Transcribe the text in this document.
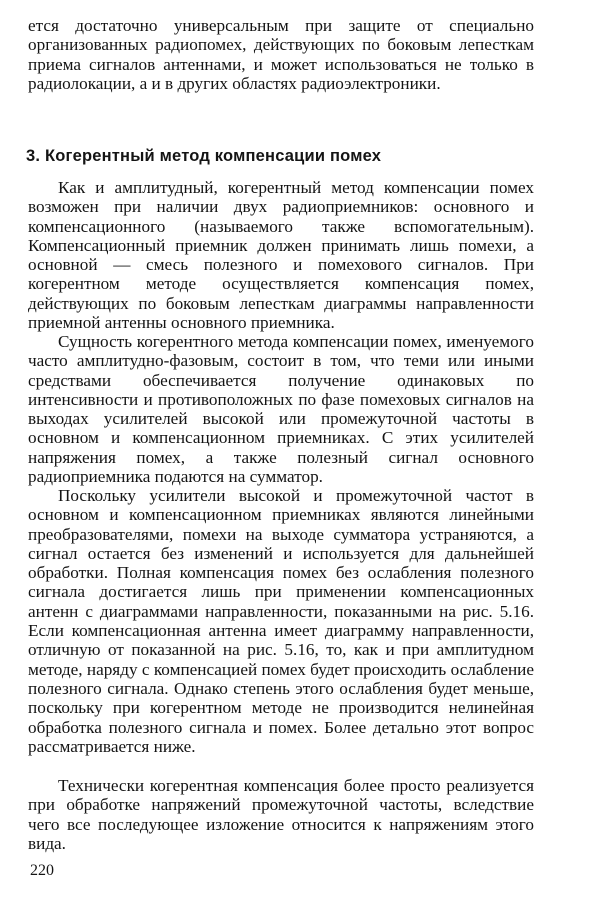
ется достаточно универсальным при защите от специально организованных радиопомех, действующих по боковым лепесткам приема сигналов антеннами, и может использоваться не только в радиолокации, а и в других областях радиоэлектроники.

3. Когерентный метод компенсации помех

Как и амплитудный, когерентный метод компенсации помех возможен при наличии двух радиоприемников: основного и компенсационного (называемого также вспомогательным). Компенсационный приемник должен принимать лишь помехи, а основной — смесь полезного и помехового сигналов. При когерентном методе осуществляется компенсация помех, действующих по боковым лепесткам диаграммы направленности приемной антенны основного приемника.

Сущность когерентного метода компенсации помех, именуемого часто амплитудно-фазовым, состоит в том, что теми или иными средствами обеспечивается получение одинаковых по интенсивности и противоположных по фазе помеховых сигналов на выходах усилителей высокой или промежуточной частоты в основном и компенсационном приемниках. С этих усилителей напряжения помех, а также полезный сигнал основного радиоприемника подаются на сумматор.

Поскольку усилители высокой и промежуточной частот в основном и компенсационном приемниках являются линейными преобразователями, помехи на выходе сумматора устраняются, а сигнал остается без изменений и используется для дальнейшей обработки. Полная компенсация помех без ослабления полезного сигнала достигается лишь при применении компенсационных антенн с диаграммами направленности, показанными на рис. 5.16. Если компенсационная антенна имеет диаграмму направленности, отличную от показанной на рис. 5.16, то, как и при амплитудном методе, наряду с компенсацией помех будет происходить ослабление полезного сигнала. Однако степень этого ослабления будет меньше, поскольку при когерентном методе не производится нелинейная обработка полезного сигнала и помех. Более детально этот вопрос рассматривается ниже.

Технически когерентная компенсация более просто реализуется при обработке напряжений промежуточной частоты, вследствие чего все последующее изложение относится к напряжениям этого вида.

220
